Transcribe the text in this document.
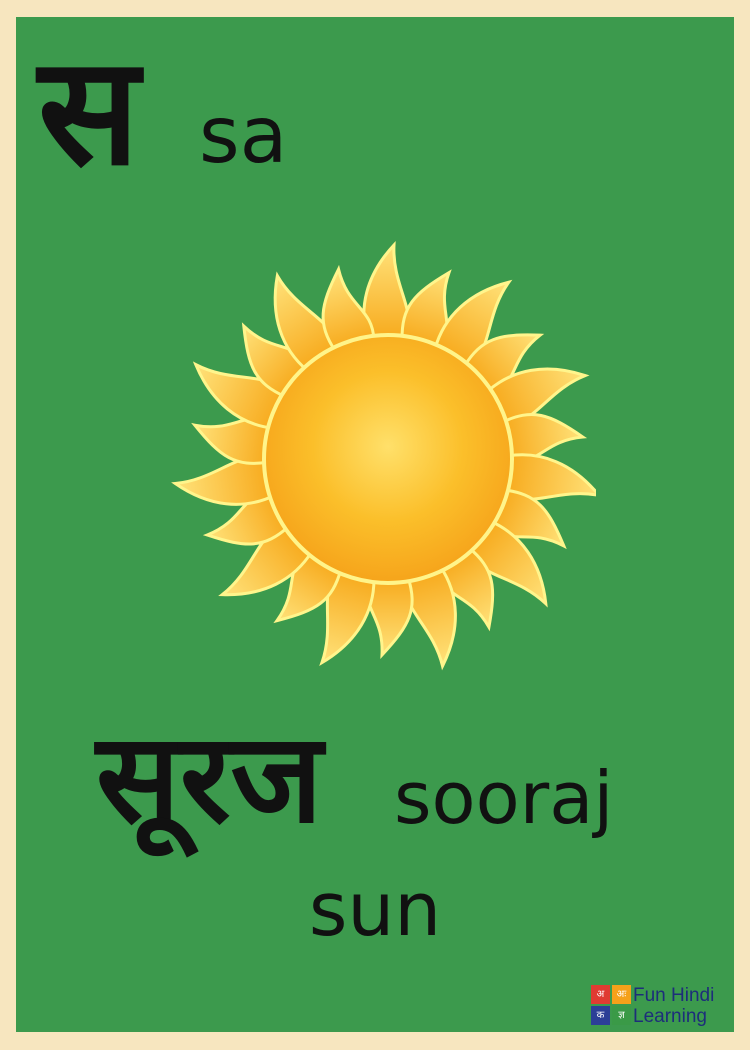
स sa
सूरज sooraj
sun
अ	अः
क	ज्ञ
Fun Hindi
Learning
